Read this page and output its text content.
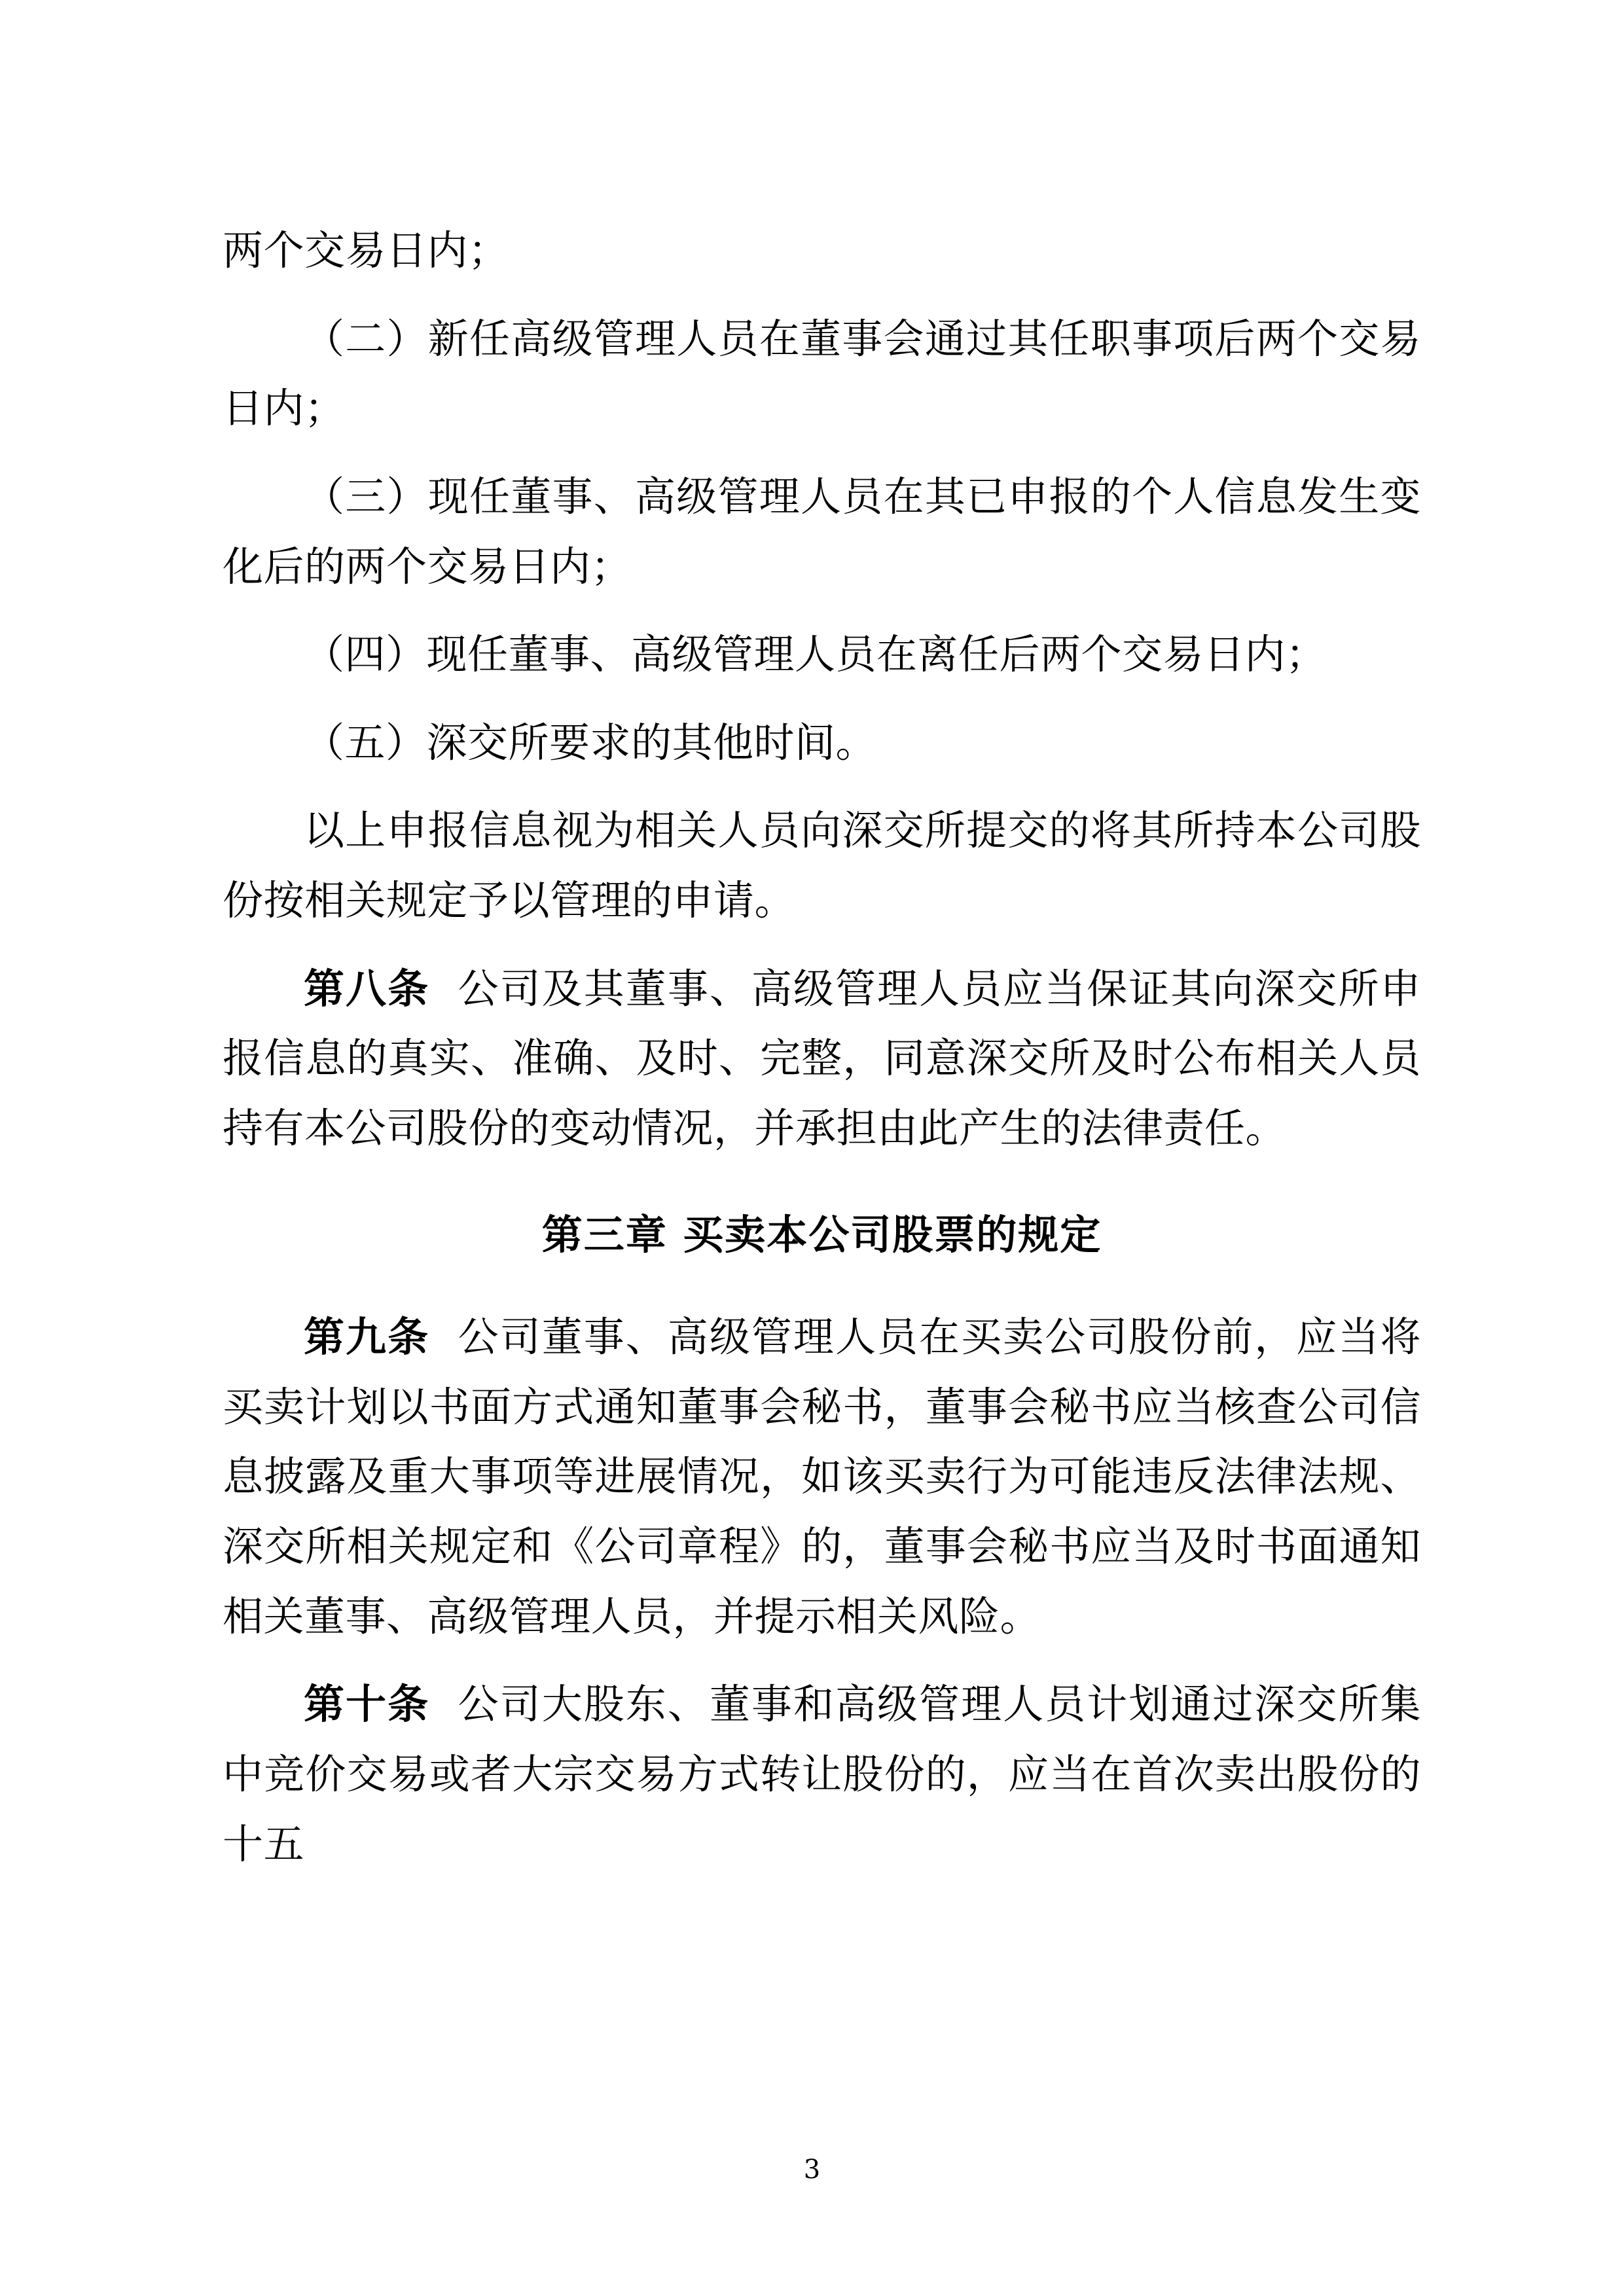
两个交易日内；

（二）新任高级管理人员在董事会通过其任职事项后两个交易日内；

（三）现任董事、高级管理人员在其已申报的个人信息发生变化后的两个交易日内；

（四）现任董事、高级管理人员在离任后两个交易日内；

（五）深交所要求的其他时间。

以上申报信息视为相关人员向深交所提交的将其所持本公司股份按相关规定予以管理的申请。

第八条 公司及其董事、高级管理人员应当保证其向深交所申报信息的真实、准确、及时、完整，同意深交所及时公布相关人员持有本公司股份的变动情况，并承担由此产生的法律责任。

第三章 买卖本公司股票的规定

第九条 公司董事、高级管理人员在买卖公司股份前，应当将买卖计划以书面方式通知董事会秘书，董事会秘书应当核查公司信息披露及重大事项等进展情况，如该买卖行为可能违反法律法规、深交所相关规定和《公司章程》的，董事会秘书应当及时书面通知相关董事、高级管理人员，并提示相关风险。

第十条 公司大股东、董事和高级管理人员计划通过深交所集中竞价交易或者大宗交易方式转让股份的，应当在首次卖出股份的十五

3
